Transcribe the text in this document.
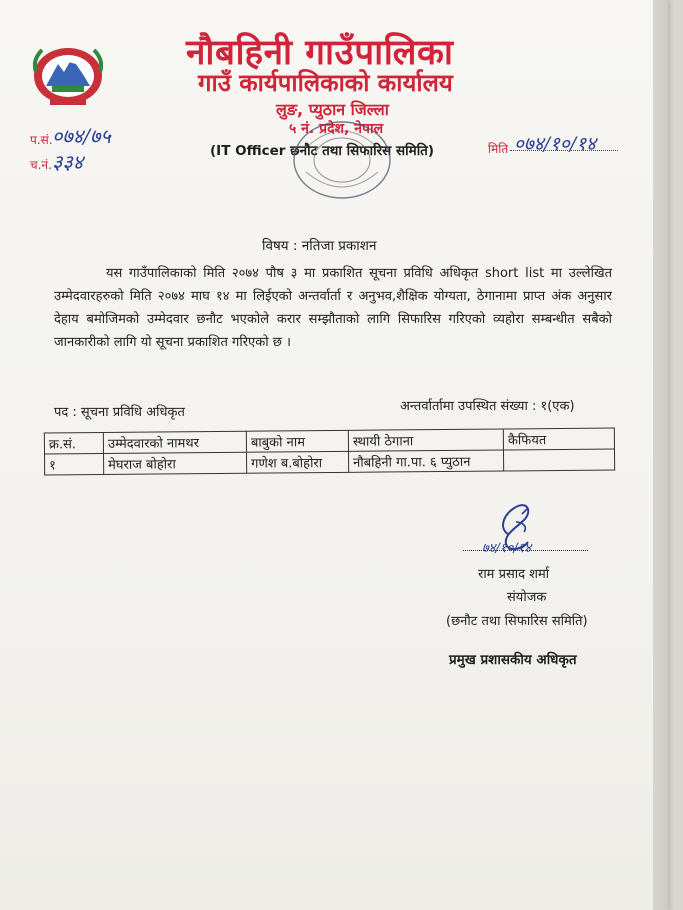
नौबहिनी गाउँपालिका
गाउँ कार्यपालिकाको कार्यालय
लुङ, प्युठान जिल्ला
५ नं. प्रदेश, नेपाल
(IT Officer छनौट तथा सिफारिस समिति)
प.सं. ०७४/७५
च.नं. ३३४
मिति ०७४/१०/१४
विषय : नतिजा प्रकाशन
यस गाउँपालिकाको मिति २०७४ पौष ३ मा प्रकाशित सूचना प्रविधि अधिकृत short list मा उल्लेखित उम्मेदवारहरुको मिति २०७४ माघ १४ मा लिईएको अन्तर्वार्ता र अनुभव,शैक्षिक योग्यता, ठेगानामा प्राप्त अंक अनुसार देहाय बमोजिमको उम्मेदवार छनौट भएकोले करार सम्झौताको लागि सिफारिस गरिएको व्यहोरा सम्बन्धीत सबैको जानकारीको लागि यो सूचना प्रकाशित गरिएको छ ।
पद : सूचना प्रविधि अधिकृत	अन्तर्वार्तामा उपस्थित संख्या : १(एक)
क्र.सं.	उम्मेदवारको नामथर	बाबुको नाम	स्थायी ठेगाना	कैफियत
१	मेघराज बोहोरा	गणेश ब.बोहोरा	नौबहिनी गा.पा. ६ प्युठान	
७४/१०/१४
राम प्रसाद शर्मा
संयोजक
(छनौट तथा सिफारिस समिति)
प्रमुख प्रशासकीय अधिकृत
